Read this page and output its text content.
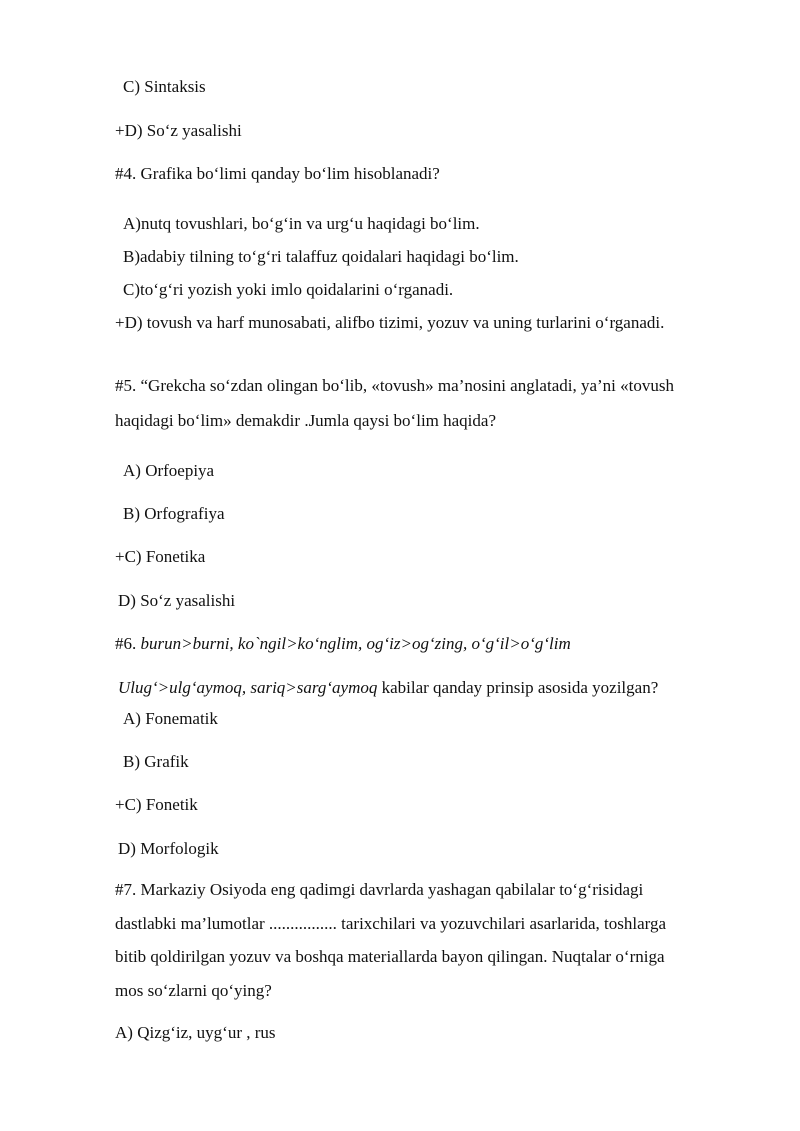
C) Sintaksis
+D) So‘z yasalishi
#4. Grafika bo‘limi qanday bo‘lim hisoblanadi?
A)nutq tovushlari, bo‘g‘in va urg‘u haqidagi bo‘lim.
B)adabiy tilning to‘g‘ri talaffuz qoidalari haqidagi bo‘lim.
C)to‘g‘ri yozish yoki imlo qoidalarini o‘rganadi.
+D) tovush va harf munosabati, alifbo tizimi, yozuv va uning turlarini o‘rganadi.
#5. “Grekcha so‘zdan olingan bo‘lib, «tovush» ma’nosini anglatadi, ya’ni «tovush
haqidagi bo‘lim» demakdir .Jumla qaysi bo‘lim haqida?
A) Orfoepiya
B) Orfografiya
+C) Fonetika
D) So‘z yasalishi
#6. burun>burni, ko`ngil>ko‘nglim, og‘iz>og‘zing, o‘g‘il>o‘g‘lim
Ulug‘>ulg‘aymoq, sariq>sarg‘aymoq kabilar qanday prinsip asosida yozilgan?
A) Fonematik
B) Grafik
+C) Fonetik
D) Morfologik
#7. Markaziy Osiyoda eng qadimgi davrlarda yashagan qabilalar to‘g‘risidagi
dastlabki ma’lumotlar ................ tarixchilari va yozuvchilari asarlarida, toshlarga
bitib qoldirilgan yozuv va boshqa materiallarda bayon qilingan. Nuqtalar o‘rniga
mos so‘zlarni qo‘ying?
A) Qizg‘iz, uyg‘ur , rus
